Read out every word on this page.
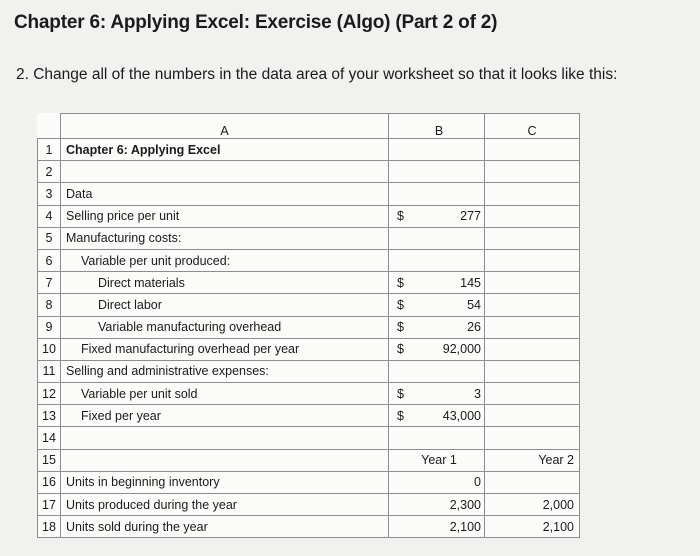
Chapter 6: Applying Excel: Exercise (Algo) (Part 2 of 2)
2. Change all of the numbers in the data area of your worksheet so that it looks like this:
	A	B	C
1	Chapter 6: Applying Excel	

2		

3	Data	

4	Selling price per unit	$ 277	

5	Manufacturing costs:	

6	Variable per unit produced:	

7	Direct materials	$ 145	

8	Direct labor	$ 54	

9	Variable manufacturing overhead	$ 26	

10	Fixed manufacturing overhead per year	$ 92,000	

11	Selling and administrative expenses:	

12	Variable per unit sold	$ 3	

13	Fixed per year	$ 43,000	

14		

15		Year 1	Year 2
16	Units in beginning inventory	0	

17	Units produced during the year	2,300	2,000
18	Units sold during the year	2,100	2,100
